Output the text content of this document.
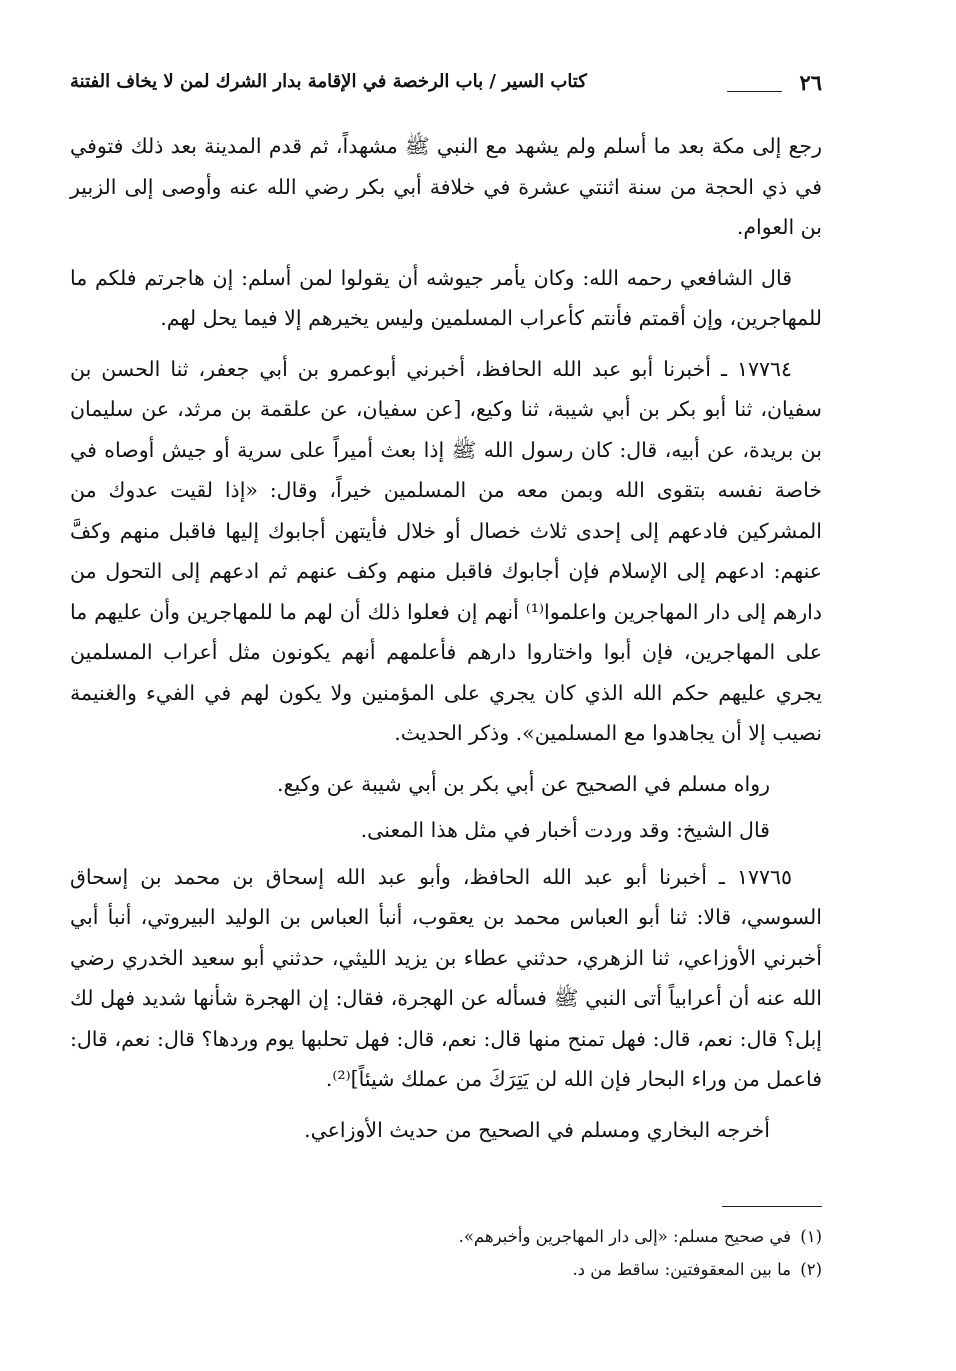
٢٦
كتاب السير / باب الرخصة في الإقامة بدار الشرك لمن لا يخاف الفتنة

رجع إلى مكة بعد ما أسلم ولم يشهد مع النبي ﷺ مشهداً، ثم قدم المدينة بعد ذلك فتوفي في ذي الحجة من سنة اثنتي عشرة في خلافة أبي بكر رضي الله عنه وأوصى إلى الزبير بن العوام.

قال الشافعي رحمه الله: وكان يأمر جيوشه أن يقولوا لمن أسلم: إن هاجرتم فلكم ما للمهاجرين، وإن أقمتم فأنتم كأعراب المسلمين وليس يخيرهم إلا فيما يحل لهم.

١٧٧٦٤ ـ أخبرنا أبو عبد الله الحافظ، أخبرني أبوعمرو بن أبي جعفر، ثنا الحسن بن سفيان، ثنا أبو بكر بن أبي شيبة، ثنا وكيع، [عن سفيان، عن علقمة بن مرثد، عن سليمان بن بريدة، عن أبيه، قال: كان رسول الله ﷺ إذا بعث أميراً على سرية أو جيش أوصاه في خاصة نفسه بتقوى الله وبمن معه من المسلمين خيراً، وقال: «إذا لقيت عدوك من المشركين فادعهم إلى إحدى ثلاث خصال أو خلال فأيتهن أجابوك إليها فاقبل منهم وكفَّ عنهم: ادعهم إلى الإسلام فإن أجابوك فاقبل منهم وكف عنهم ثم ادعهم إلى التحول من دارهم إلى دار المهاجرين واعلموا⁽¹⁾ أنهم إن فعلوا ذلك أن لهم ما للمهاجرين وأن عليهم ما على المهاجرين، فإن أبوا واختاروا دارهم فأعلمهم أنهم يكونون مثل أعراب المسلمين يجري عليهم حكم الله الذي كان يجري على المؤمنين ولا يكون لهم في الفيء والغنيمة نصيب إلا أن يجاهدوا مع المسلمين». وذكر الحديث.

رواه مسلم في الصحيح عن أبي بكر بن أبي شيبة عن وكيع.

قال الشيخ: وقد وردت أخبار في مثل هذا المعنى.

١٧٧٦٥ ـ أخبرنا أبو عبد الله الحافظ، وأبو عبد الله إسحاق بن محمد بن إسحاق السوسي، قالا: ثنا أبو العباس محمد بن يعقوب، أنبأ العباس بن الوليد البيروتي، أنبأ أبي أخبرني الأوزاعي، ثنا الزهري، حدثني عطاء بن يزيد الليثي، حدثني أبو سعيد الخدري رضي الله عنه أن أعرابياً أتى النبي ﷺ فسأله عن الهجرة، فقال: إن الهجرة شأنها شديد فهل لك إبل؟ قال: نعم، قال: فهل تمنح منها قال: نعم، قال: فهل تحلبها يوم وردها؟ قال: نعم، قال: فاعمل من وراء البحار فإن الله لن يَتِرَكَ من عملك شيئاً]⁽²⁾.

أخرجه البخاري ومسلم في الصحيح من حديث الأوزاعي.

(١) في صحيح مسلم: «إلى دار المهاجرين وأخبرهم».

(٢) ما بين المعقوفتين: ساقط من د.
